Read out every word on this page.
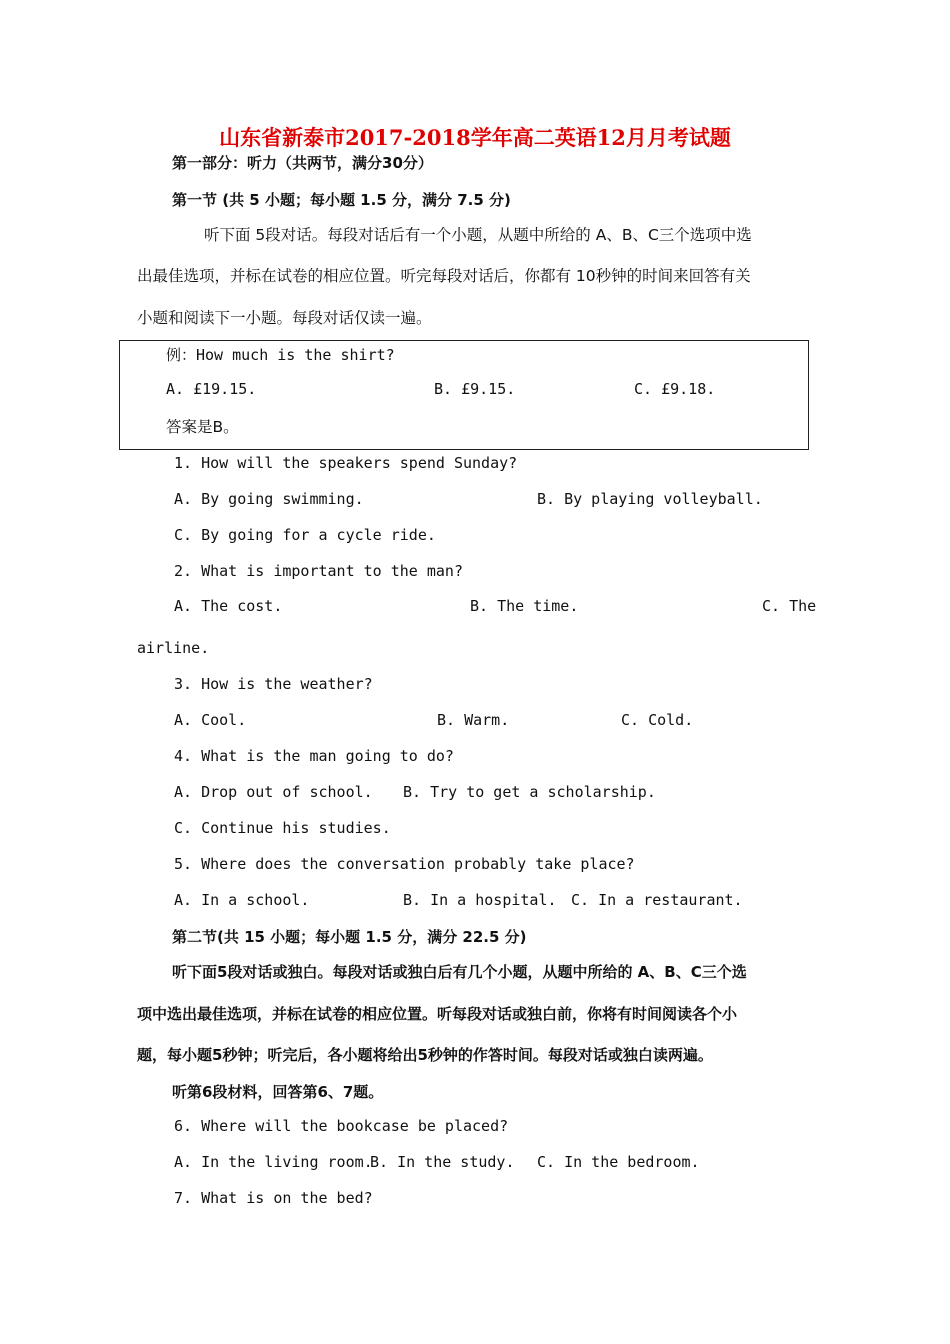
山东省新泰市2017-2018学年高二英语12月月考试题
第一部分：听力（共两节，满分30分）
第一节 (共 5 小题；每小题 1.5 分，满分 7.5 分)
听下面 5段对话。每段对话后有一个小题，从题中所给的 A、B、C三个选项中选
出最佳选项，并标在试卷的相应位置。听完每段对话后，你都有 10秒钟的时间来回答有关
小题和阅读下一小题。每段对话仅读一遍。
例：How much is the shirt?
A. £19.15.	B. £9.15.	C. £9.18.
答案是B。
1. How will the speakers spend Sunday?
A. By going swimming.	B. By playing volleyball.
C. By going for a cycle ride.
2. What is important to the man?
A. The cost.	B. The time.	C. The
airline.
3. How is the weather?
A. Cool.	B. Warm.	C. Cold.
4. What is the man going to do?
A. Drop out of school. B. Try to get a scholarship.
C. Continue his studies.
5. Where does the conversation probably take place?
A. In a school.	B. In a hospital. C. In a restaurant.
第二节(共 15 小题；每小题 1.5 分，满分 22.5 分)
听下面5段对话或独白。每段对话或独白后有几个小题，从题中所给的 A、B、C三个选
项中选出最佳选项，并标在试卷的相应位置。听每段对话或独白前，你将有时间阅读各个小
题，每小题5秒钟；听完后，各小题将给出5秒钟的作答时间。每段对话或独白读两遍。
听第6段材料，回答第6、7题。
6. Where will the bookcase be placed?
A. In the living room.
B. In the study. C. In the bedroom.
7. What is on the bed?
